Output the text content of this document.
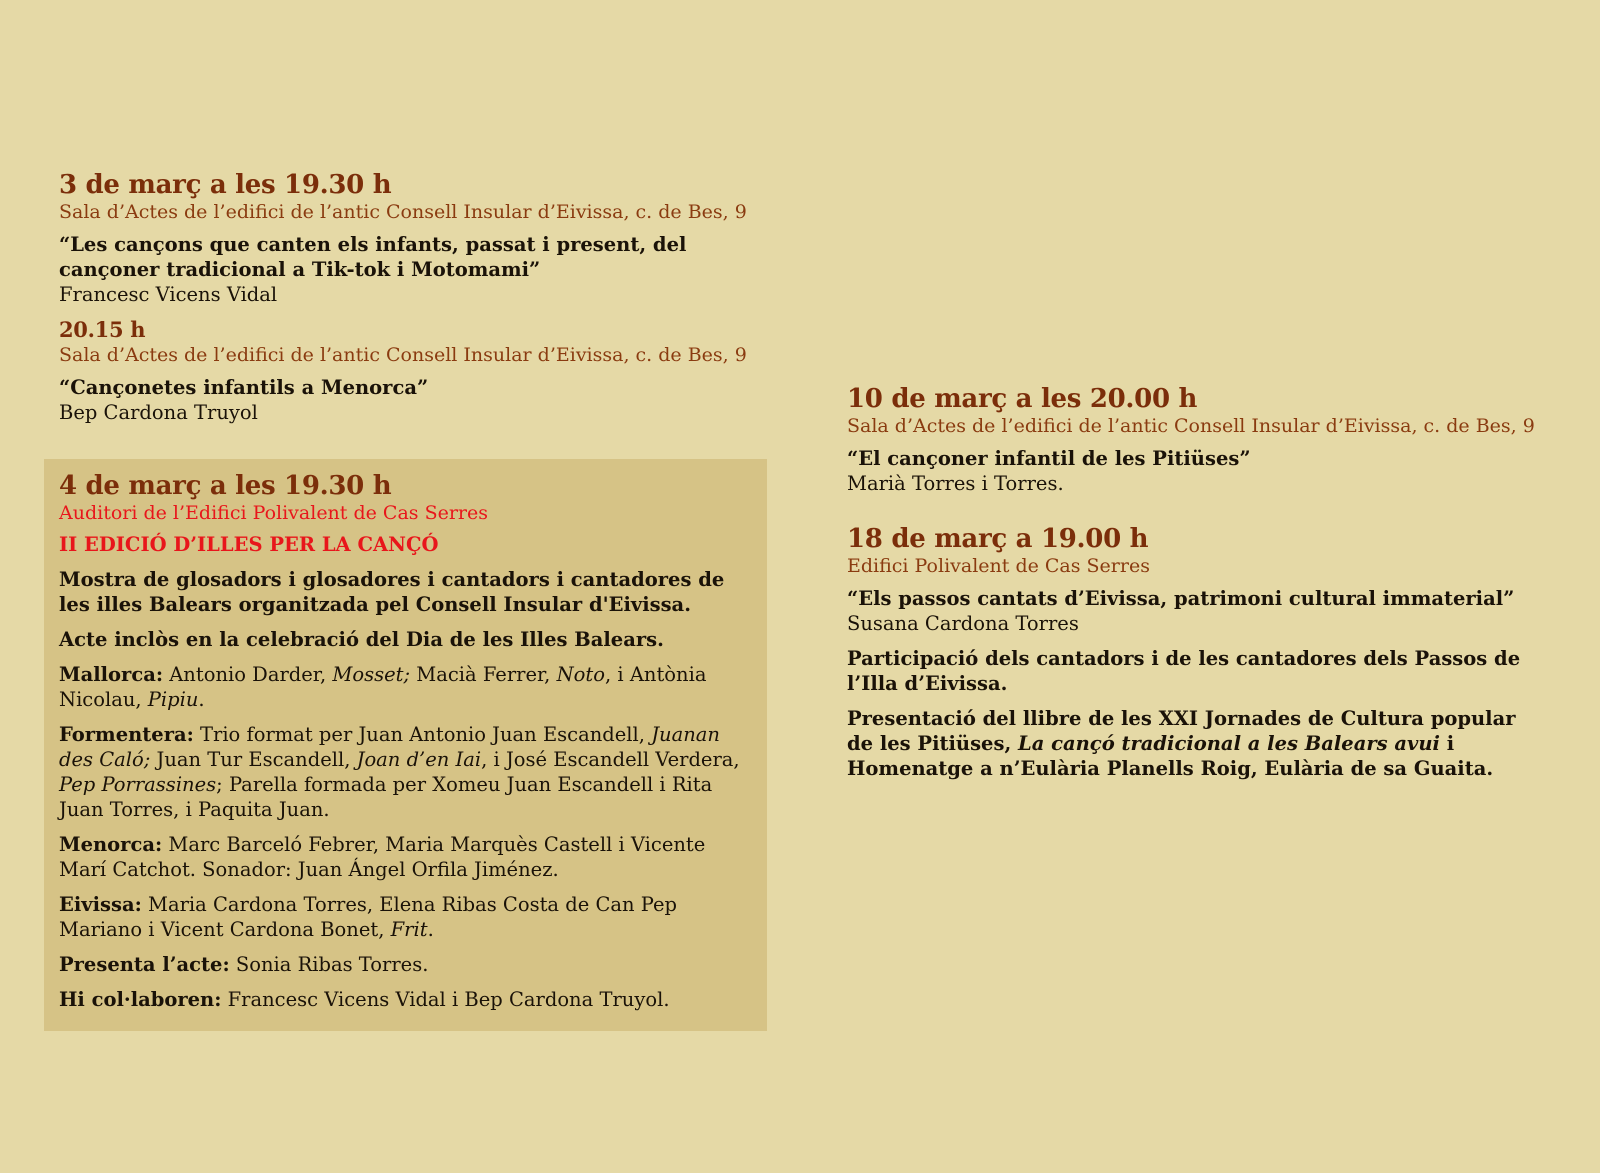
3 de març a les 19.30 h

Sala d’Actes de l’edifici de l’antic Consell Insular d’Eivissa, c. de Bes, 9

“Les cançons que canten els infants, passat i present, del cançoner tradicional a Tik-tok i Motomami”

Francesc Vicens Vidal

20.15 h

Sala d’Actes de l’edifici de l’antic Consell Insular d’Eivissa, c. de Bes, 9

“Cançonetes infantils a Menorca”

Bep Cardona Truyol

4 de març a les 19.30 h

Auditori de l’Edifici Polivalent de Cas Serres

II EDICIÓ D’ILLES PER LA CANÇÓ

Mostra de glosadors i glosadores i cantadors i cantadores de les illes Balears organitzada pel Consell Insular d'Eivissa.

Acte inclòs en la celebració del Dia de les Illes Balears.

Mallorca: Antonio Darder, Mosset; Macià Ferrer, Noto, i Antònia Nicolau, Pipiu.

Formentera: Trio format per Juan Antonio Juan Escandell, Juanan des Caló; Juan Tur Escandell, Joan d’en Iai, i José Escandell Verdera, Pep Porrassines; Parella formada per Xomeu Juan Escandell i Rita Juan Torres, i Paquita Juan.

Menorca: Marc Barceló Febrer, Maria Marquès Castell i Vicente Marí Catchot. Sonador: Juan Ángel Orfila Jiménez.

Eivissa: Maria Cardona Torres, Elena Ribas Costa de Can Pep Mariano i Vicent Cardona Bonet, Frit.

Presenta l’acte: Sonia Ribas Torres.

Hi col·laboren: Francesc Vicens Vidal i Bep Cardona Truyol.

10 de març a les 20.00 h

Sala d’Actes de l’edifici de l’antic Consell Insular d’Eivissa, c. de Bes, 9

“El cançoner infantil de les Pitiüses”

Marià Torres i Torres.

18 de març a 19.00 h

Edifici Polivalent de Cas Serres

“Els passos cantats d’Eivissa, patrimoni cultural immaterial”

Susana Cardona Torres

Participació dels cantadors i de les cantadores dels Passos de l’Illa d’Eivissa.

Presentació del llibre de les XXI Jornades de Cultura popular de les Pitiüses, La cançó tradicional a les Balears avui i Homenatge a n’Eulària Planells Roig, Eulària de sa Guaita.
